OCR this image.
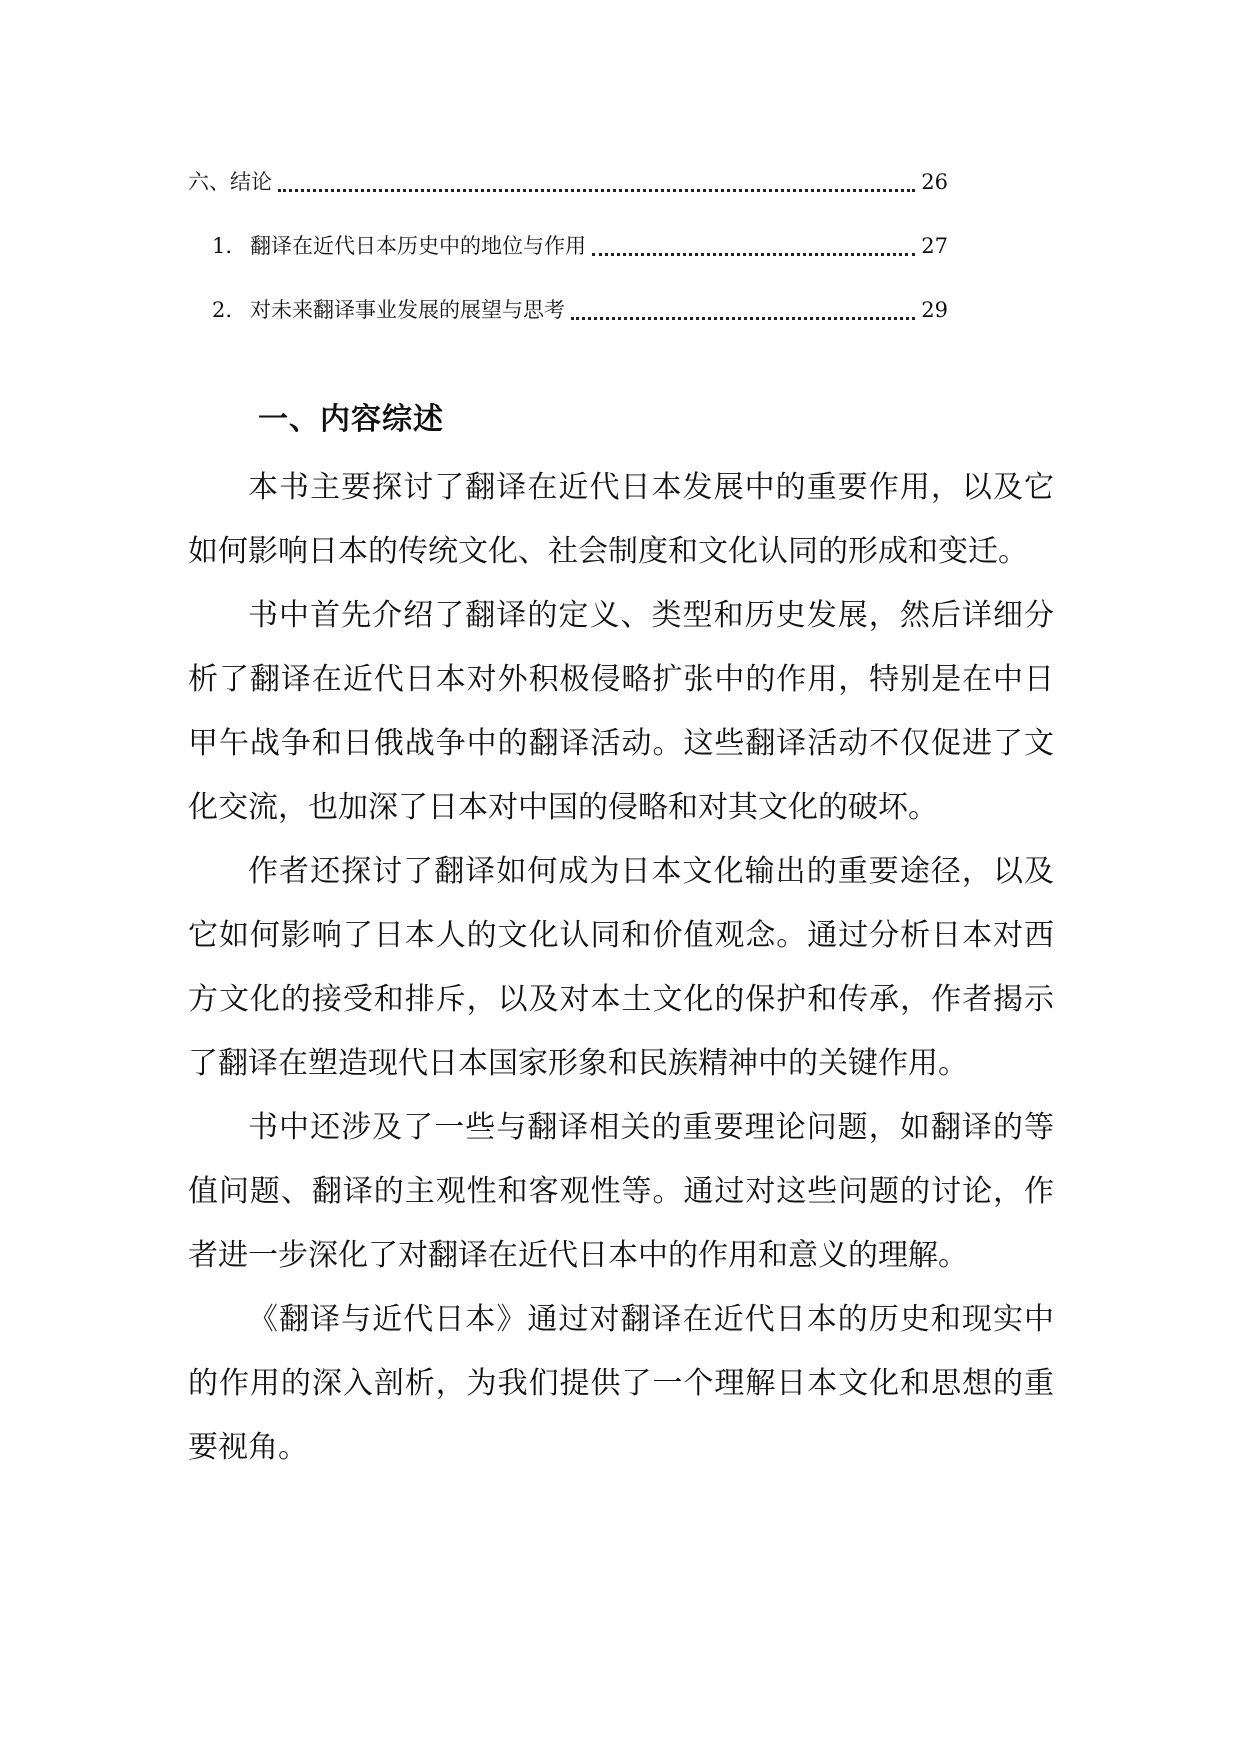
六、结论	26
1. 翻译在近代日本历史中的地位与作用	27
2. 对未来翻译事业发展的展望与思考	29
一、内容综述

本书主要探讨了翻译在近代日本发展中的重要作用，以及它如何影响日本的传统文化、社会制度和文化认同的形成和变迁。

书中首先介绍了翻译的定义、类型和历史发展，然后详细分析了翻译在近代日本对外积极侵略扩张中的作用，特别是在中日甲午战争和日俄战争中的翻译活动。这些翻译活动不仅促进了文化交流，也加深了日本对中国的侵略和对其文化的破坏。

作者还探讨了翻译如何成为日本文化输出的重要途径，以及它如何影响了日本人的文化认同和价值观念。通过分析日本对西方文化的接受和排斥，以及对本土文化的保护和传承，作者揭示了翻译在塑造现代日本国家形象和民族精神中的关键作用。

书中还涉及了一些与翻译相关的重要理论问题，如翻译的等值问题、翻译的主观性和客观性等。通过对这些问题的讨论，作者进一步深化了对翻译在近代日本中的作用和意义的理解。

《翻译与近代日本》通过对翻译在近代日本的历史和现实中的作用的深入剖析，为我们提供了一个理解日本文化和思想的重要视角。
